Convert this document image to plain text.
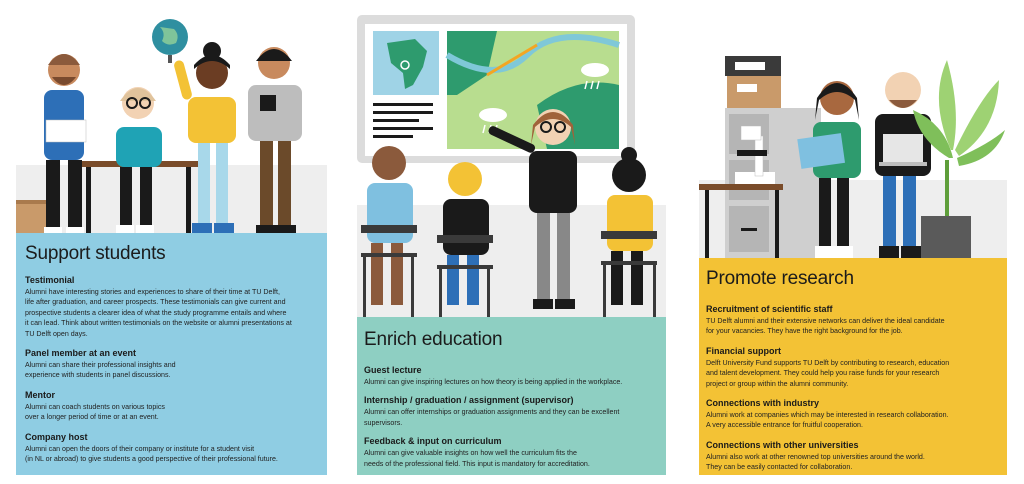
Support students
Testimonial

Alumni have interesting stories and experiences to share of their time at TU Delft,
life after graduation, and career prospects. These testimonials can give current and
prospective students a clearer idea of what the study programme entails and where
it can lead. Think about written testimonials on the website or alumni presentations at
TU Delft open days.

Panel member at an event

Alumni can share their professional insights and
experience with students in panel discussions.

Mentor

Alumni can coach students on various topics
over a longer period of time or at an event.

Company host

Alumni can open the doors of their company or institute for a student visit
(in NL or abroad) to give students a good perspective of their professional future.

Enrich education
Guest lecture

Alumni can give inspiring lectures on how theory is being applied in the workplace.

Internship / graduation / assignment (supervisor)

Alumni can offer internships or graduation assignments and they can be excellent
supervisors.

Feedback & input on curriculum

Alumni can give valuable insights on how well the curriculum fits the
needs of the professional field. This input is mandatory for accreditation.

Promote research
Recruitment of scientific staff

TU Delft alumni and their extensive networks can deliver the ideal candidate
for your vacancies. They have the right background for the job.

Financial support

Delft University Fund supports TU Delft by contributing to research, education
and talent development. They could help you raise funds for your research
project or group within the alumni community.

Connections with industry

Alumni work at companies which may be interested in research collaboration.
A very accessible entrance for fruitful cooperation.

Connections with other universities

Alumni also work at other renowned top universities around the world.
They can be easily contacted for collaboration.
